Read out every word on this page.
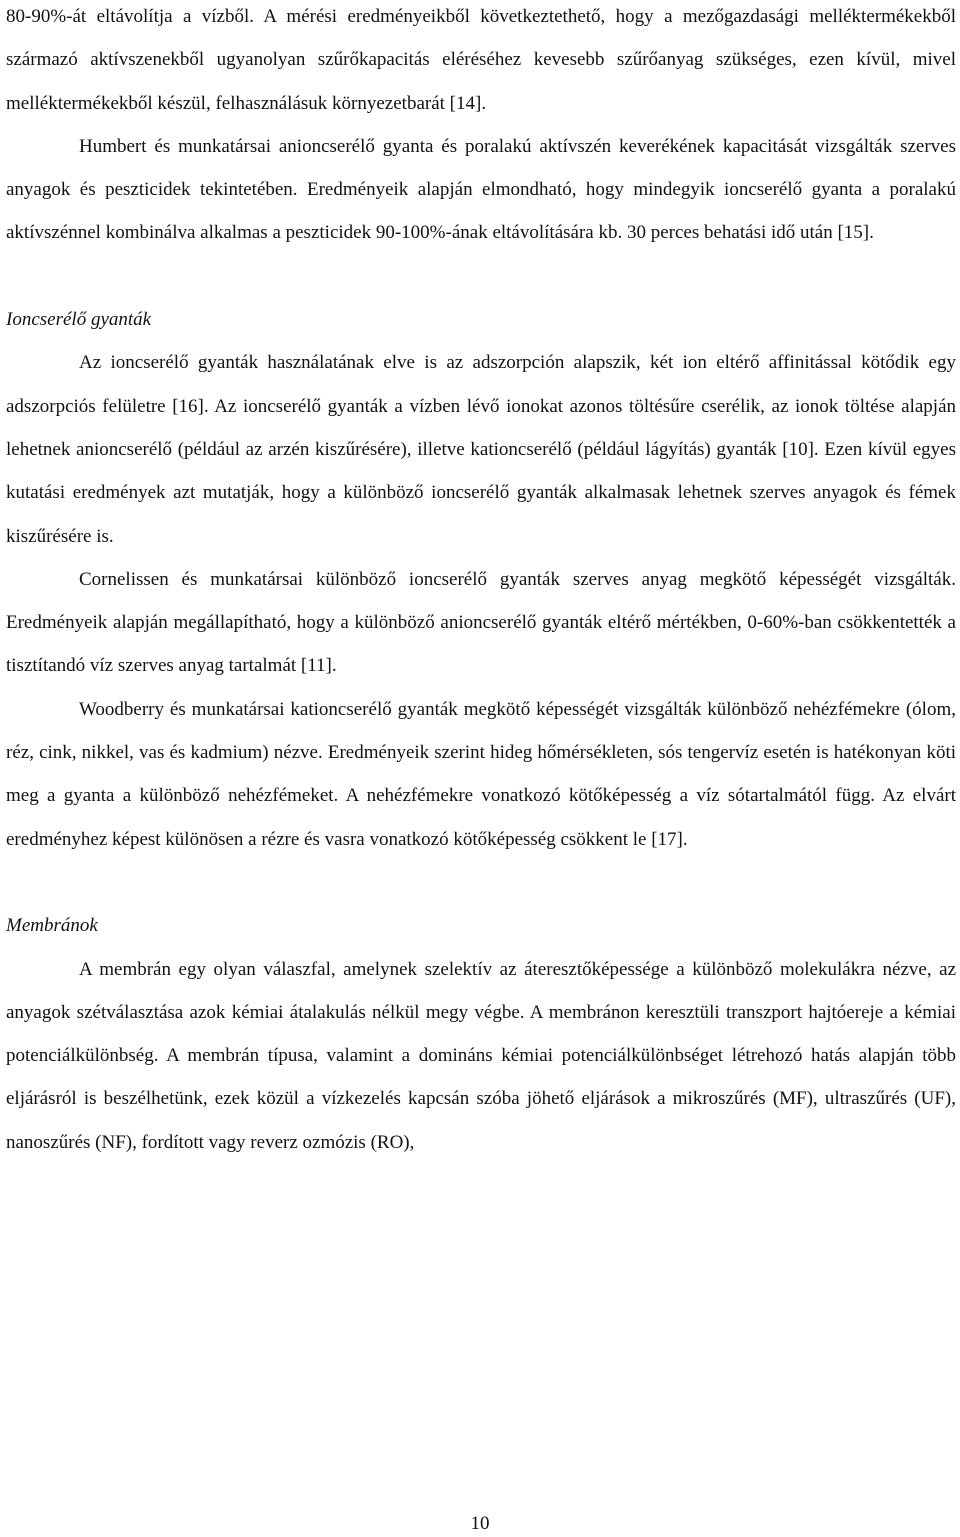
80-90%-át eltávolítja a vízből. A mérési eredményeikből következtethető, hogy a mezőgazdasági melléktermékekből származó aktívszenekből ugyanolyan szűrőkapacitás eléréséhez kevesebb szűrőanyag szükséges, ezen kívül, mivel melléktermékekből készül, felhasználásuk környezetbarát [14].

Humbert és munkatársai anioncserélő gyanta és poralakú aktívszén keverékének kapacitását vizsgálták szerves anyagok és peszticidek tekintetében. Eredményeik alapján elmondható, hogy mindegyik ioncserélő gyanta a poralakú aktívszénnel kombinálva alkalmas a peszticidek 90-100%-ának eltávolítására kb. 30 perces behatási idő után [15].

Ioncserélő gyanták

Az ioncserélő gyanták használatának elve is az adszorpción alapszik, két ion eltérő affinitással kötődik egy adszorpciós felületre [16]. Az ioncserélő gyanták a vízben lévő ionokat azonos töltésűre cserélik, az ionok töltése alapján lehetnek anioncserélő (például az arzén kiszűrésére), illetve kationcserélő (például lágyítás) gyanták [10]. Ezen kívül egyes kutatási eredmények azt mutatják, hogy a különböző ioncserélő gyanták alkalmasak lehetnek szerves anyagok és fémek kiszűrésére is.

Cornelissen és munkatársai különböző ioncserélő gyanták szerves anyag megkötő képességét vizsgálták. Eredményeik alapján megállapítható, hogy a különböző anioncserélő gyanták eltérő mértékben, 0-60%-ban csökkentették a tisztítandó víz szerves anyag tartalmát [11].

Woodberry és munkatársai kationcserélő gyanták megkötő képességét vizsgálták különböző nehézfémekre (ólom, réz, cink, nikkel, vas és kadmium) nézve. Eredményeik szerint hideg hőmérsékleten, sós tengervíz esetén is hatékonyan köti meg a gyanta a különböző nehézfémeket. A nehézfémekre vonatkozó kötőképesség a víz sótartalmától függ. Az elvárt eredményhez képest különösen a rézre és vasra vonatkozó kötőképesség csökkent le [17].

Membránok

A membrán egy olyan válaszfal, amelynek szelektív az áteresztőképessége a különböző molekulákra nézve, az anyagok szétválasztása azok kémiai átalakulás nélkül megy végbe. A membránon keresztüli transzport hajtóereje a kémiai potenciálkülönbség. A membrán típusa, valamint a domináns kémiai potenciálkülönbséget létrehozó hatás alapján több eljárásról is beszélhetünk, ezek közül a vízkezelés kapcsán szóba jöhető eljárások a mikroszűrés (MF), ultraszűrés (UF), nanoszűrés (NF), fordított vagy reverz ozmózis (RO),

10
